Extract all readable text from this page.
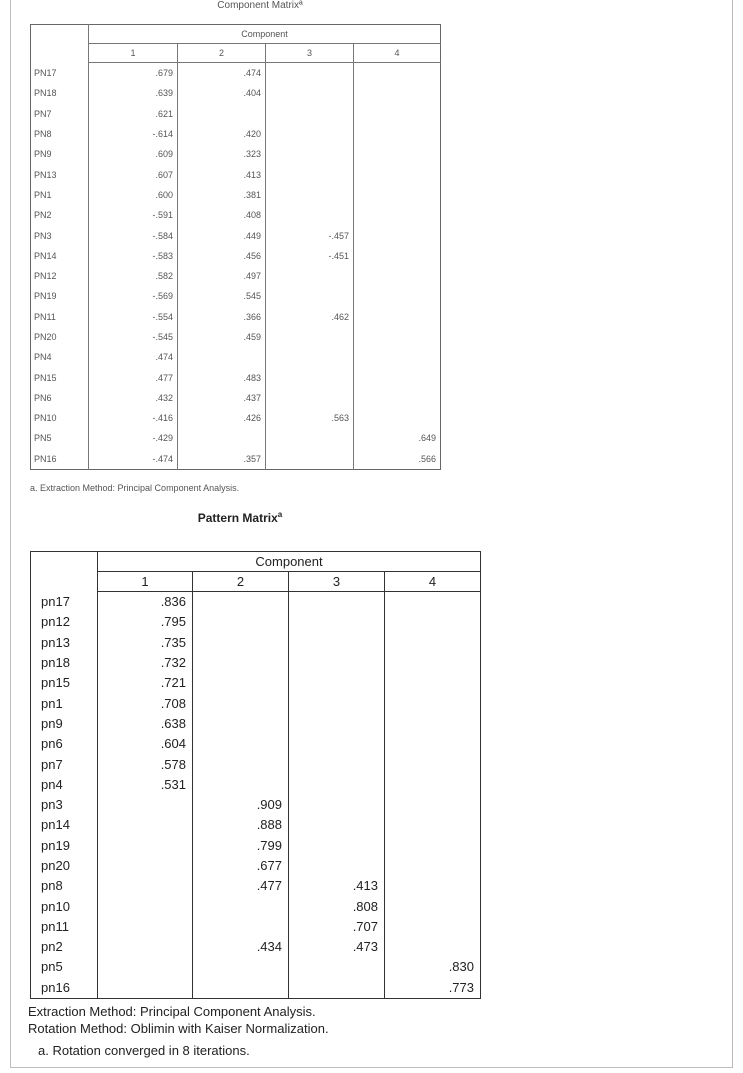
Component Matrixª
	Component			
	1	2	3	4
PN17	.679	.474		
PN18	.639	.404		
PN7	.621			
PN8	-.614	.420		
PN9	.609	.323		
PN13	.607	.413		
PN1	.600	.381		
PN2	-.591	.408		
PN3	-.584	.449	-.457	
PN14	-.583	.456	-.451	
PN12	.582	.497		
PN19	-.569	.545		
PN11	-.554	.366	.462	
PN20	-.545	.459		
PN4	.474			
PN15	.477	.483		
PN6	.432	.437		
PN10	-.416	.426	.563	
PN5	-.429			.649
PN16	-.474	.357		.566
a. Extraction Method: Principal Component Analysis.
Pattern Matrix$^a$
	Component			
	1	2	3	4
pn17	.836			
pn12	.795			
pn13	.735			
pn18	.732			
pn15	.721			
pn1	.708			
pn9	.638			
pn6	.604			
pn7	.578			
pn4	.531			
pn3		.909		
pn14		.888		
pn19		.799		
pn20		.677		
pn8		.477	.413	
pn10			.808	
pn11			.707	
pn2		.434	.473	
pn5				.830
pn16				.773
Extraction Method: Principal Component Analysis.
Rotation Method: Oblimin with Kaiser Normalization.
a. Rotation converged in 8 iterations.
